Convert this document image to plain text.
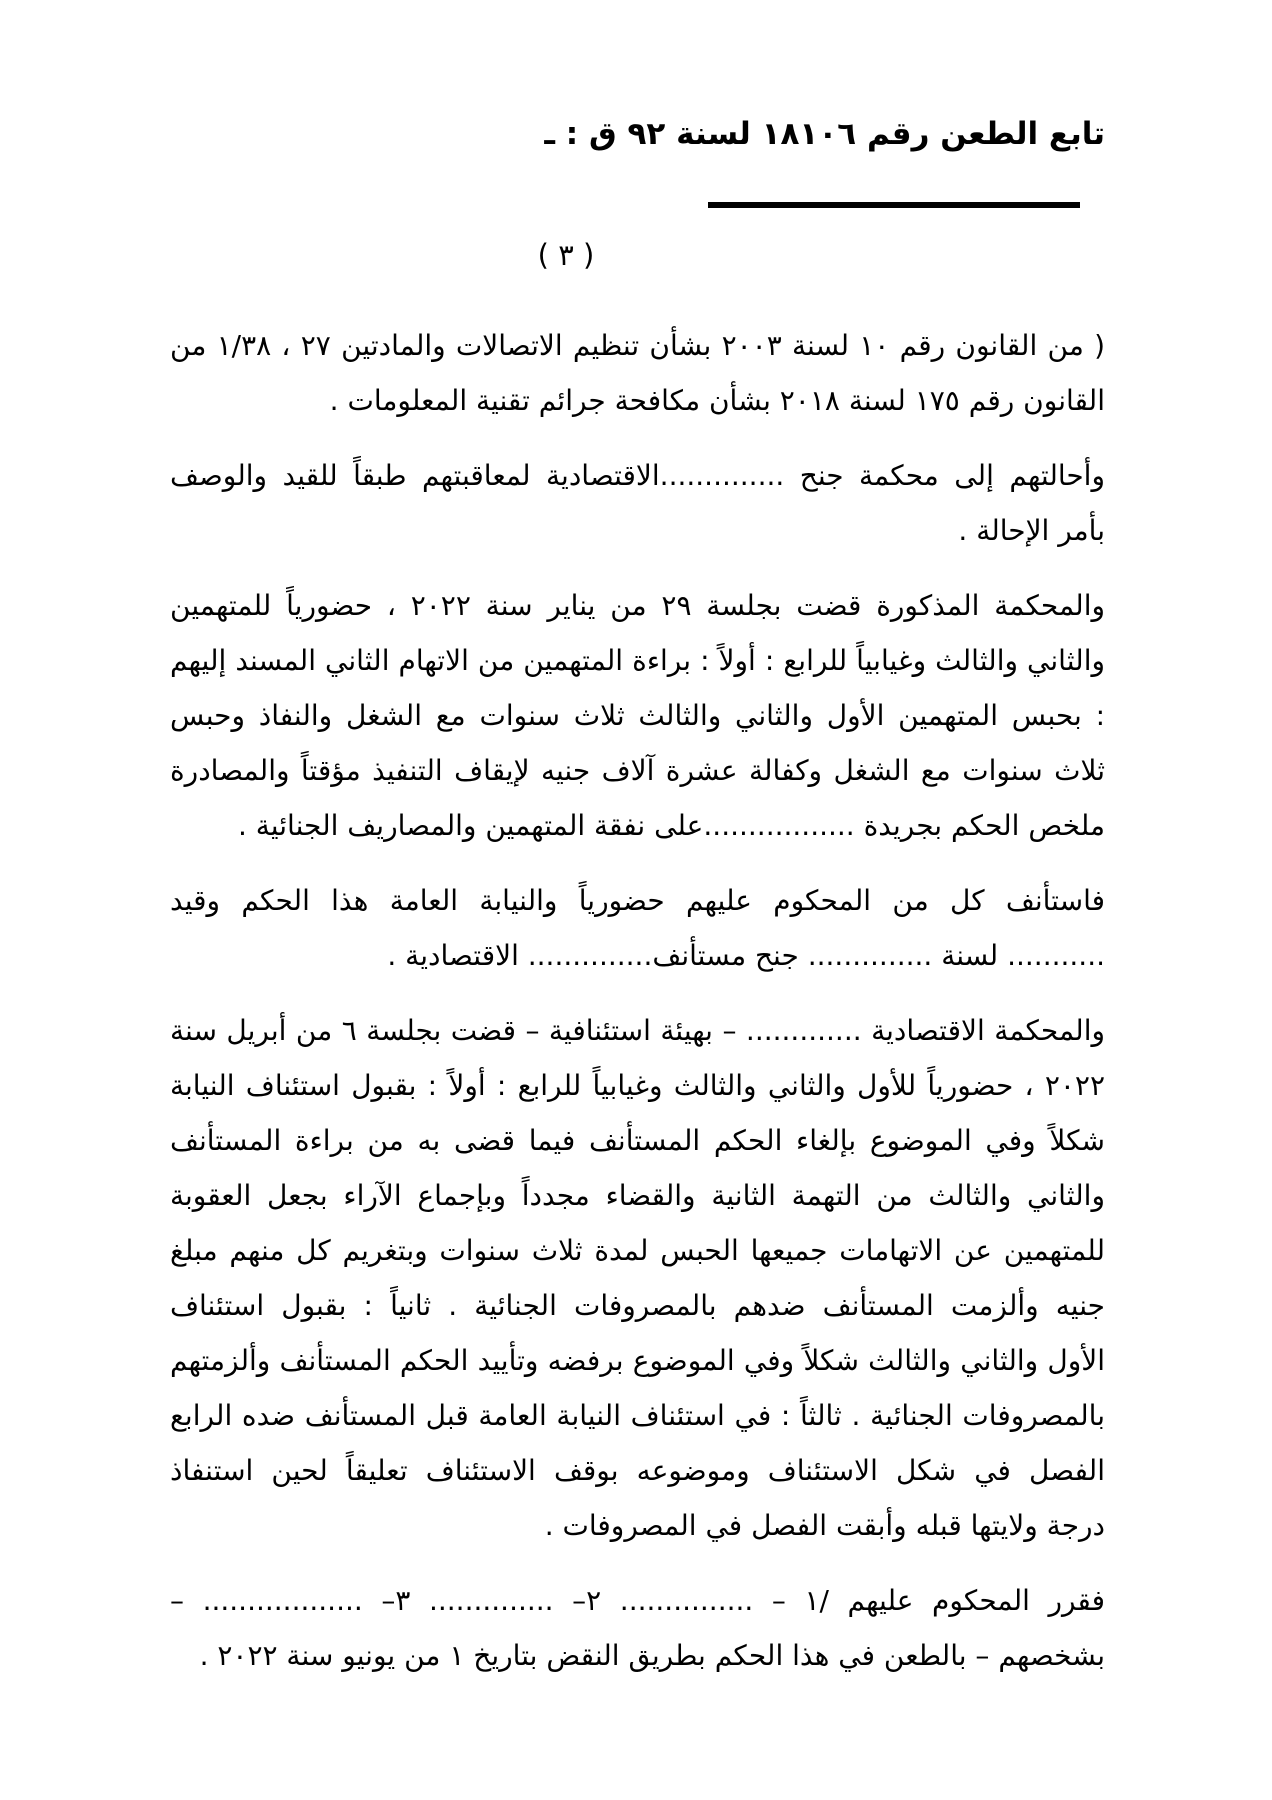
تابع الطعن رقم ١٨١٠٦ لسنة ٩٢ ق : ـ
( ٣ )
( من القانون رقم ١٠ لسنة ٢٠٠٣ بشأن تنظيم الاتصالات والمادتين ٢٧ ، ١/٣٨ من
القانون رقم ١٧٥ لسنة ٢٠١٨ بشأن مكافحة جرائم تقنية المعلومات .
وأحالتهم إلى محكمة جنح ..............الاقتصادية لمعاقبتهم طبقاً للقيد والوصف
بأمر الإحالة .
والمحكمة المذكورة قضت بجلسة ٢٩ من يناير سنة ٢٠٢٢ ، حضورياً للمتهمين
والثاني والثالث وغيابياً للرابع : أولاً : براءة المتهمين من الاتهام الثاني المسند إليهم
: بحبس المتهمين الأول والثاني والثالث ثلاث سنوات مع الشغل والنفاذ وحبس
ثلاث سنوات مع الشغل وكفالة عشرة آلاف جنيه لإيقاف التنفيذ مؤقتاً والمصادرة
ملخص الحكم بجريدة .................على نفقة المتهمين والمصاريف الجنائية .
فاستأنف كل من المحكوم عليهم حضورياً والنيابة العامة هذا الحكم وقيد
........... لسنة .............. جنح مستأنف.............. الاقتصادية .
والمحكمة الاقتصادية ............. – بهيئة استئنافية – قضت بجلسة ٦ من أبريل سنة
٢٠٢٢ ، حضورياً للأول والثاني والثالث وغيابياً للرابع : أولاً : بقبول استئناف النيابة
شكلاً وفي الموضوع بإلغاء الحكم المستأنف فيما قضى به من براءة المستأنف
والثاني والثالث من التهمة الثانية والقضاء مجدداً وبإجماع الآراء بجعل العقوبة
للمتهمين عن الاتهامات جميعها الحبس لمدة ثلاث سنوات وبتغريم كل منهم مبلغ
جنيه وألزمت المستأنف ضدهم بالمصروفات الجنائية . ثانياً : بقبول استئناف
الأول والثاني والثالث شكلاً وفي الموضوع برفضه وتأييد الحكم المستأنف وألزمتهم
بالمصروفات الجنائية . ثالثاً : في استئناف النيابة العامة قبل المستأنف ضده الرابع
الفصل في شكل الاستئناف وموضوعه بوقف الاستئناف تعليقاً لحين استنفاذ
درجة ولايتها قبله وأبقت الفصل في المصروفات .
فقرر المحكوم عليهم /١ – ............... ٢– .............. ٣– .................. –
بشخصهم – بالطعن في هذا الحكم بطريق النقض بتاريخ ١ من يونيو سنة ٢٠٢٢ .
